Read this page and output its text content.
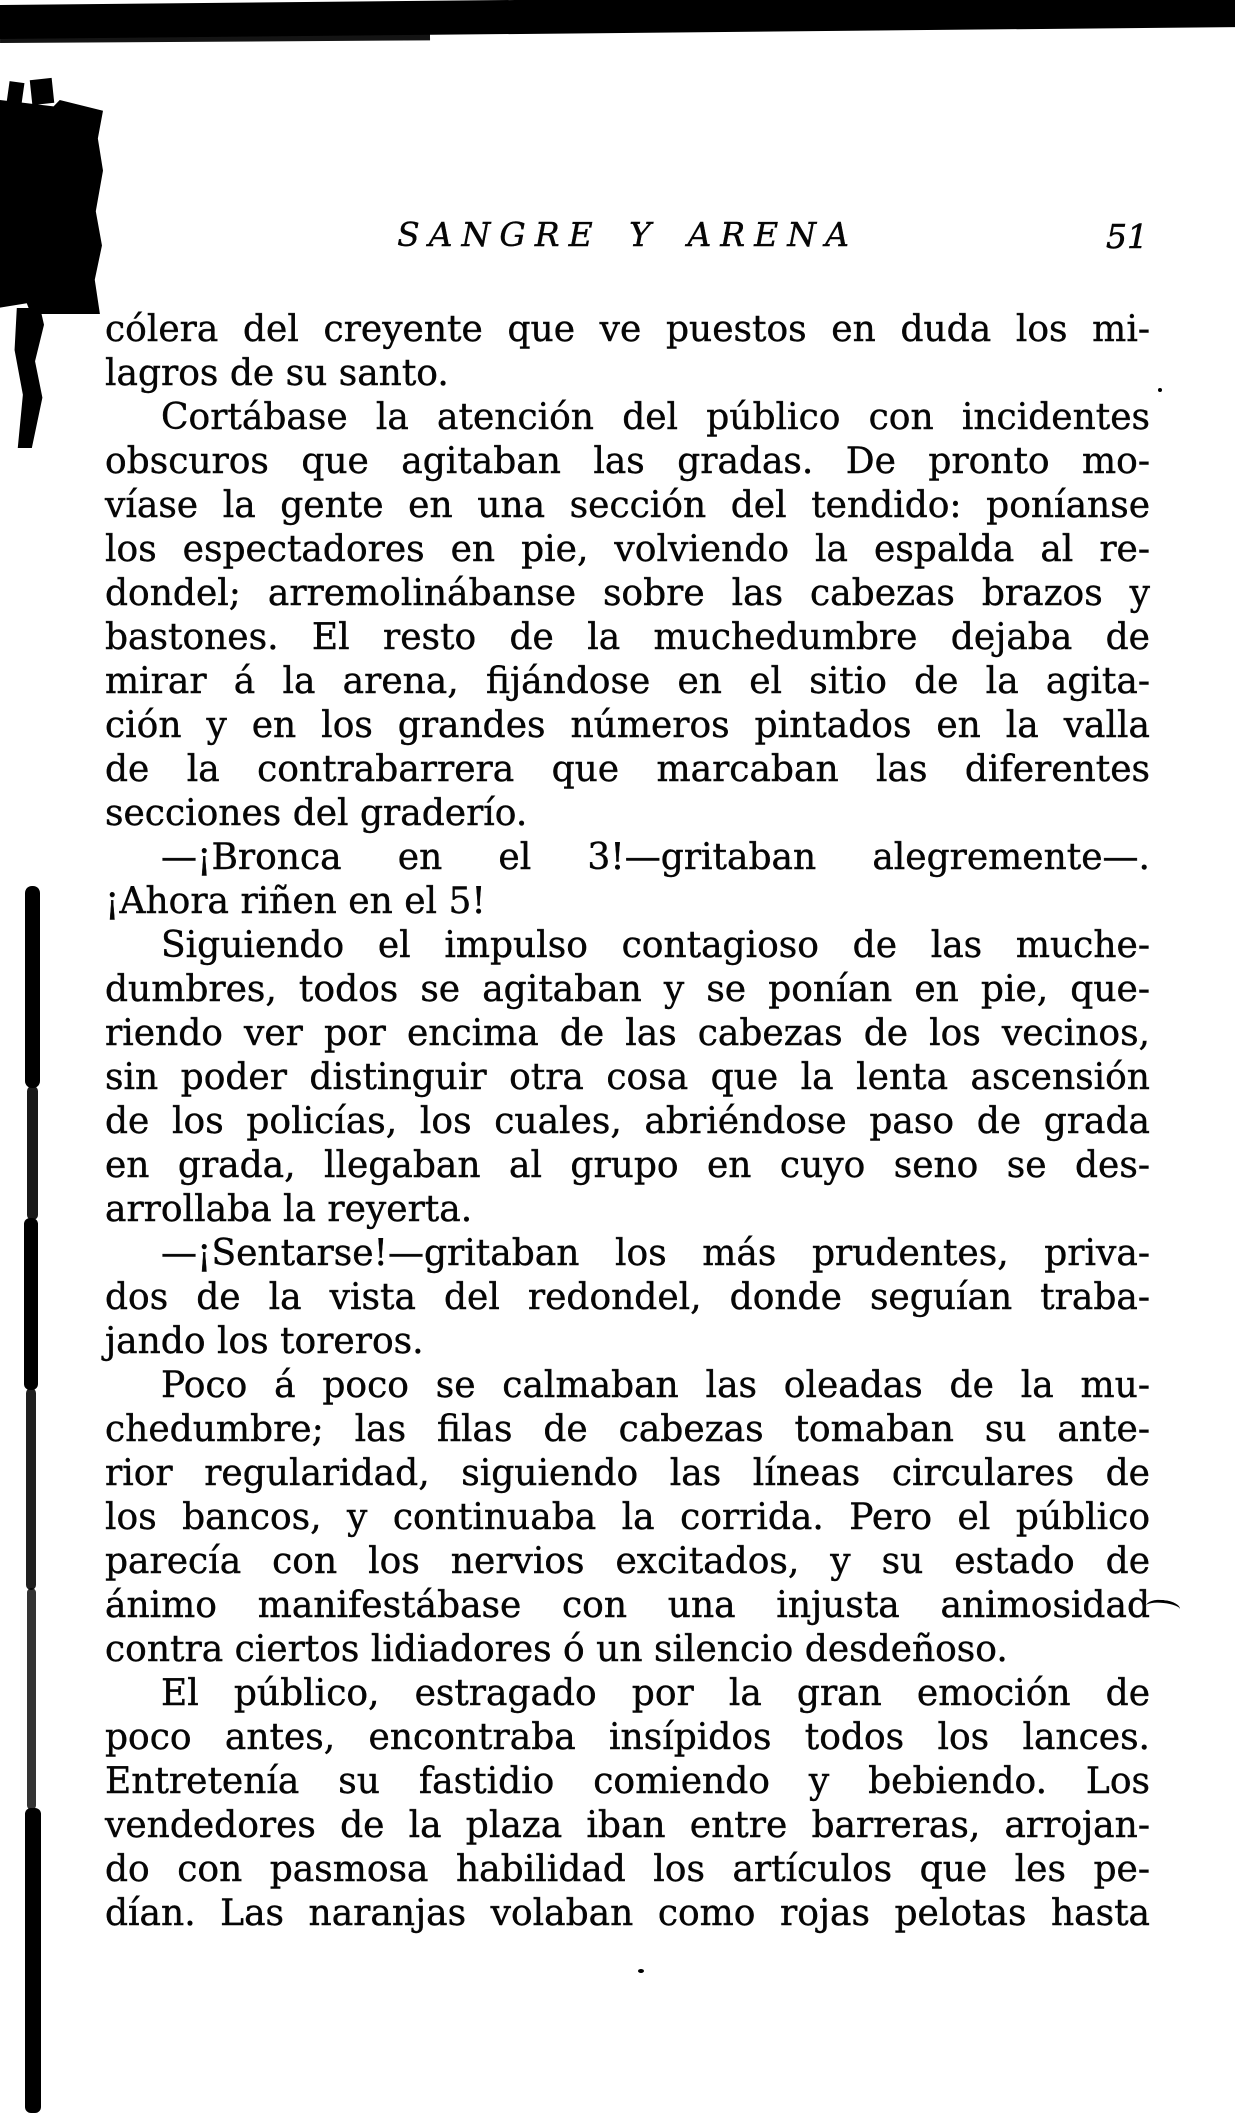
SANGRE Y ARENA	51
cólera del creyente que ve puestos en duda los mi-
lagros de su santo.
Cortábase la atención del público con incidentes
obscuros que agitaban las gradas. De pronto mo-
víase la gente en una sección del tendido: poníanse
los espectadores en pie, volviendo la espalda al re-
dondel; arremolinábanse sobre las cabezas brazos y
bastones. El resto de la muchedumbre dejaba de
mirar á la arena, fijándose en el sitio de la agita-
ción y en los grandes números pintados en la valla
de la contrabarrera que marcaban las diferentes
secciones del graderío.
—¡Bronca en el 3!—gritaban alegremente—.
¡Ahora riñen en el 5!
Siguiendo el impulso contagioso de las muche-
dumbres, todos se agitaban y se ponían en pie, que-
riendo ver por encima de las cabezas de los vecinos,
sin poder distinguir otra cosa que la lenta ascensión
de los policías, los cuales, abriéndose paso de grada
en grada, llegaban al grupo en cuyo seno se des-
arrollaba la reyerta.
—¡Sentarse!—gritaban los más prudentes, priva-
dos de la vista del redondel, donde seguían traba-
jando los toreros.
Poco á poco se calmaban las oleadas de la mu-
chedumbre; las filas de cabezas tomaban su ante-
rior regularidad, siguiendo las líneas circulares de
los bancos, y continuaba la corrida. Pero el público
parecía con los nervios excitados, y su estado de
ánimo manifestábase con una injusta animosidad
contra ciertos lidiadores ó un silencio desdeñoso.
El público, estragado por la gran emoción de
poco antes, encontraba insípidos todos los lances.
Entretenía su fastidio comiendo y bebiendo. Los
vendedores de la plaza iban entre barreras, arrojan-
do con pasmosa habilidad los artículos que les pe-
dían. Las naranjas volaban como rojas pelotas hasta
